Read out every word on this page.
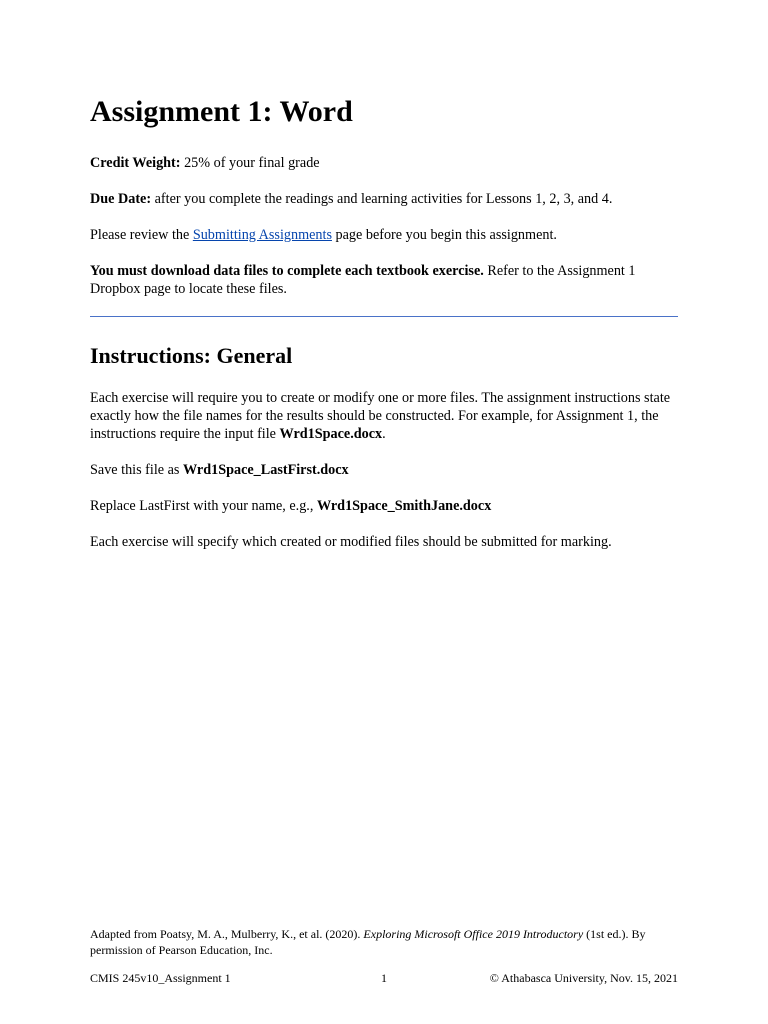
Assignment 1: Word

Credit Weight: 25% of your final grade

Due Date: after you complete the readings and learning activities for Lessons 1, 2, 3, and 4.

Please review the Submitting Assignments page before you begin this assignment.

You must download data files to complete each textbook exercise. Refer to the Assignment 1 Dropbox page to locate these files.

Instructions: General

Each exercise will require you to create or modify one or more files. The assignment instructions state exactly how the file names for the results should be constructed. For example, for Assignment 1, the instructions require the input file Wrd1Space.docx.

Save this file as Wrd1Space_LastFirst.docx

Replace LastFirst with your name, e.g., Wrd1Space_SmithJane.docx

Each exercise will specify which created or modified files should be submitted for marking.

Adapted from Poatsy, M. A., Mulberry, K., et al. (2020). Exploring Microsoft Office 2019 Introductory (1st ed.). By permission of Pearson Education, Inc.

CMIS 245v10_Assignment 1	1	© Athabasca University, Nov. 15, 2021
